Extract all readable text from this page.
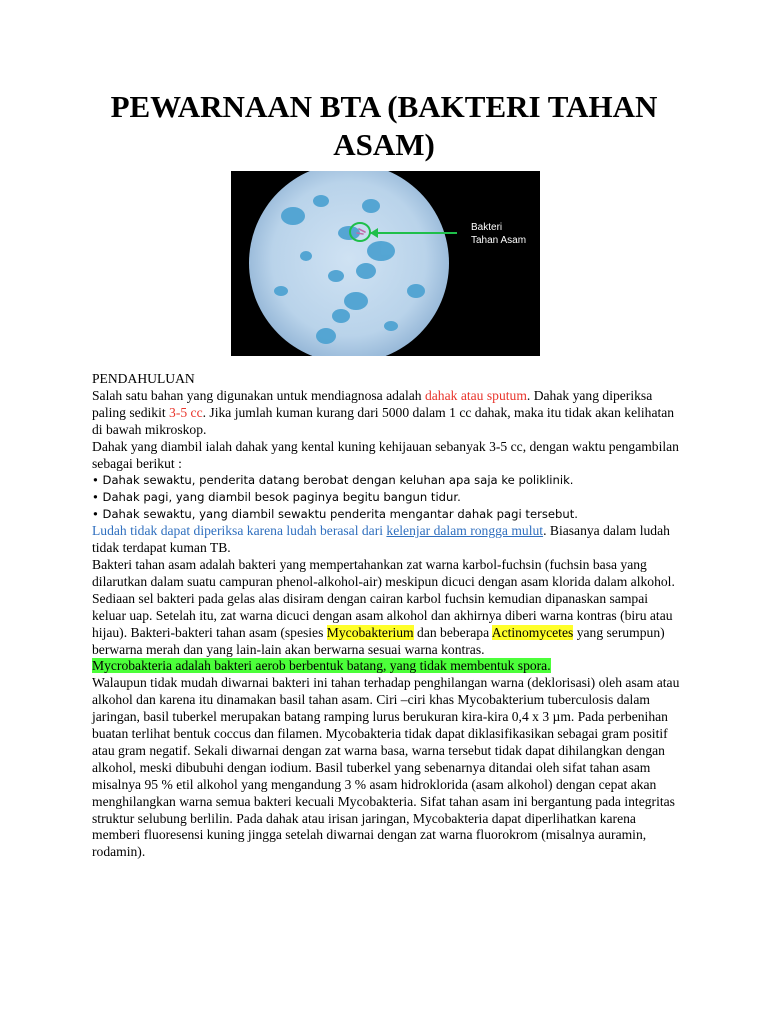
PEWARNAAN BTA (BAKTERI TAHAN ASAM)
Bakteri
Tahan Asam

PENDAHULUAN

Salah satu bahan yang digunakan untuk mendiagnosa adalah dahak atau sputum. Dahak yang diperiksa paling sedikit 3-5 cc. Jika jumlah kuman kurang dari 5000 dalam 1 cc dahak, maka itu tidak akan kelihatan di bawah mikroskop.

Dahak yang diambil ialah dahak yang kental kuning kehijauan sebanyak 3-5 cc, dengan waktu pengambilan sebagai berikut :

• Dahak sewaktu, penderita datang berobat dengan keluhan apa saja ke poliklinik.

• Dahak pagi, yang diambil besok paginya begitu bangun tidur.

• Dahak sewaktu, yang diambil sewaktu penderita mengantar dahak pagi tersebut.

Ludah tidak dapat diperiksa karena ludah berasal dari kelenjar dalam rongga mulut. Biasanya dalam ludah tidak terdapat kuman TB.

Bakteri tahan asam adalah bakteri yang mempertahankan zat warna karbol-fuchsin (fuchsin basa yang dilarutkan dalam suatu campuran phenol-alkohol-air) meskipun dicuci dengan asam klorida dalam alkohol. Sediaan sel bakteri pada gelas alas disiram dengan cairan karbol fuchsin kemudian dipanaskan sampai keluar uap. Setelah itu, zat warna dicuci dengan asam alkohol dan akhirnya diberi warna kontras (biru atau hijau). Bakteri-bakteri tahan asam (spesies Mycobakterium dan beberapa Actinomycetes yang serumpun) berwarna merah dan yang lain-lain akan berwarna sesuai warna kontras.

Mycrobakteria adalah bakteri aerob berbentuk batang, yang tidak membentuk spora.

Walaupun tidak mudah diwarnai bakteri ini tahan terhadap penghilangan warna (deklorisasi) oleh asam atau alkohol dan karena itu dinamakan basil tahan asam. Ciri –ciri khas Mycobakterium tuberculosis dalam jaringan, basil tuberkel merupakan batang ramping lurus berukuran kira-kira 0,4 x 3 µm. Pada perbenihan buatan terlihat bentuk coccus dan filamen. Mycobakteria tidak dapat diklasifikasikan sebagai gram positif atau gram negatif. Sekali diwarnai dengan zat warna basa, warna tersebut tidak dapat dihilangkan dengan alkohol, meski dibubuhi dengan iodium. Basil tuberkel yang sebenarnya ditandai oleh sifat tahan asam misalnya 95 % etil alkohol yang mengandung 3 % asam hidroklorida (asam alkohol) dengan cepat akan menghilangkan warna semua bakteri kecuali Mycobakteria. Sifat tahan asam ini bergantung pada integritas struktur selubung berlilin. Pada dahak atau irisan jaringan, Mycobakteria dapat diperlihatkan karena memberi fluoresensi kuning jingga setelah diwarnai dengan zat warna fluorokrom (misalnya auramin, rodamin).
